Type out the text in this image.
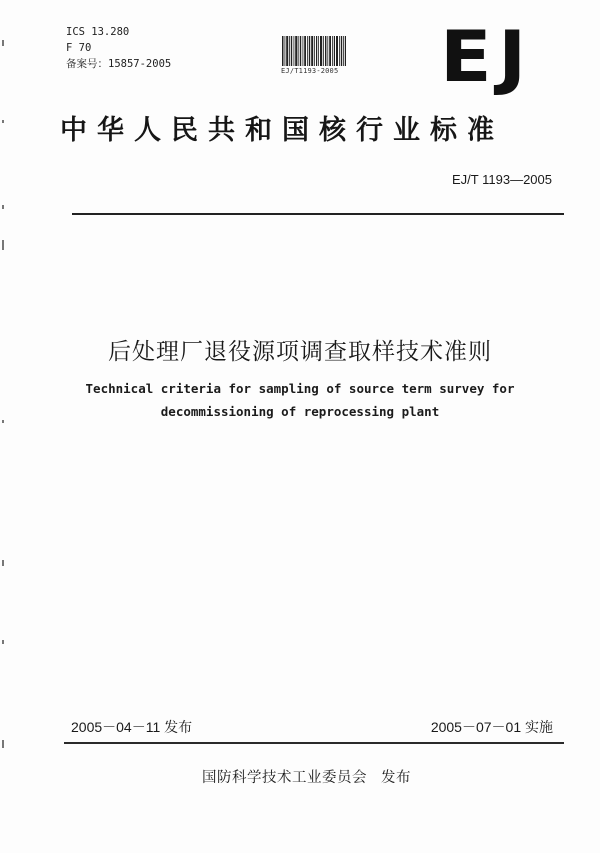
ICS 13.280
F 70
备案号：15857-2005
EJ/T1193-2005 EJ
中华人民共和国核行业标准
EJ/T 1193—2005
后处理厂退役源项调查取样技术准则
Technical criteria for sampling of source term survey for
decommissioning of reprocessing plant
2005－04－11 发布	2005－07－01 实施
国防科学技术工业委员会 发布
